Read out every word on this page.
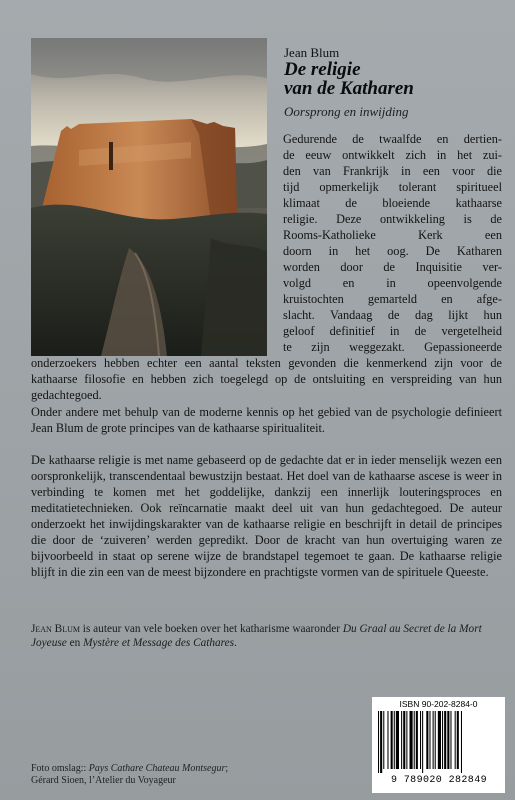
Jean Blum
De religie
van de Katharen
Oorsprong en inwijding
Gedurende de twaalfde en dertien-
de eeuw ontwikkelt zich in het zui-
den van Frankrijk in een voor die
tijd opmerkelijk tolerant spiritueel
klimaat de bloeiende kathaarse
religie. Deze ontwikkeling is de
Rooms-Katholieke Kerk een
doorn in het oog. De Katharen
worden door de Inquisitie ver-
volgd en in opeenvolgende
kruistochten gemarteld en afge-
slacht. Vandaag de dag lijkt hun
geloof definitief in de vergetelheid
te zijn weggezakt. Gepassioneerde
onderzoekers hebben echter een aantal teksten gevonden die kenmerkend zijn voor de kathaarse filosofie en hebben zich toegelegd op de ontsluiting en verspreiding van hun gedachtegoed.
Onder andere met behulp van de moderne kennis op het gebied van de psychologie definieert Jean Blum de grote principes van de kathaarse spiritualiteit.
De kathaarse religie is met name gebaseerd op de gedachte dat er in ieder menselijk wezen een oorspronkelijk, transcendentaal bewustzijn bestaat. Het doel van de kathaarse ascese is weer in verbinding te komen met het goddelijke, dankzij een innerlijk louteringsproces en meditatietechnieken. Ook reïncarnatie maakt deel uit van hun gedachtegoed. De auteur onderzoekt het inwijdingskarakter van de kathaarse religie en beschrijft in detail de principes die door de ‘zuiveren’ werden gepredikt. Door de kracht van hun overtuiging waren ze bijvoorbeeld in staat op serene wijze de brandstapel tegemoet te gaan. De kathaarse religie blijft in die zin een van de meest bijzondere en prachtigste vormen van de spirituele Queeste.
Jean Blum is auteur van vele boeken over het katharisme waaronder Du Graal au Secret de la Mort Joyeuse en Mystère et Message des Cathares.
ISBN 90-202-8284-0
9 789020 282849
Foto omslag:: Pays Cathare Chateau Montsegur;
Gérard Sioen, l’Atelier du Voyageur
